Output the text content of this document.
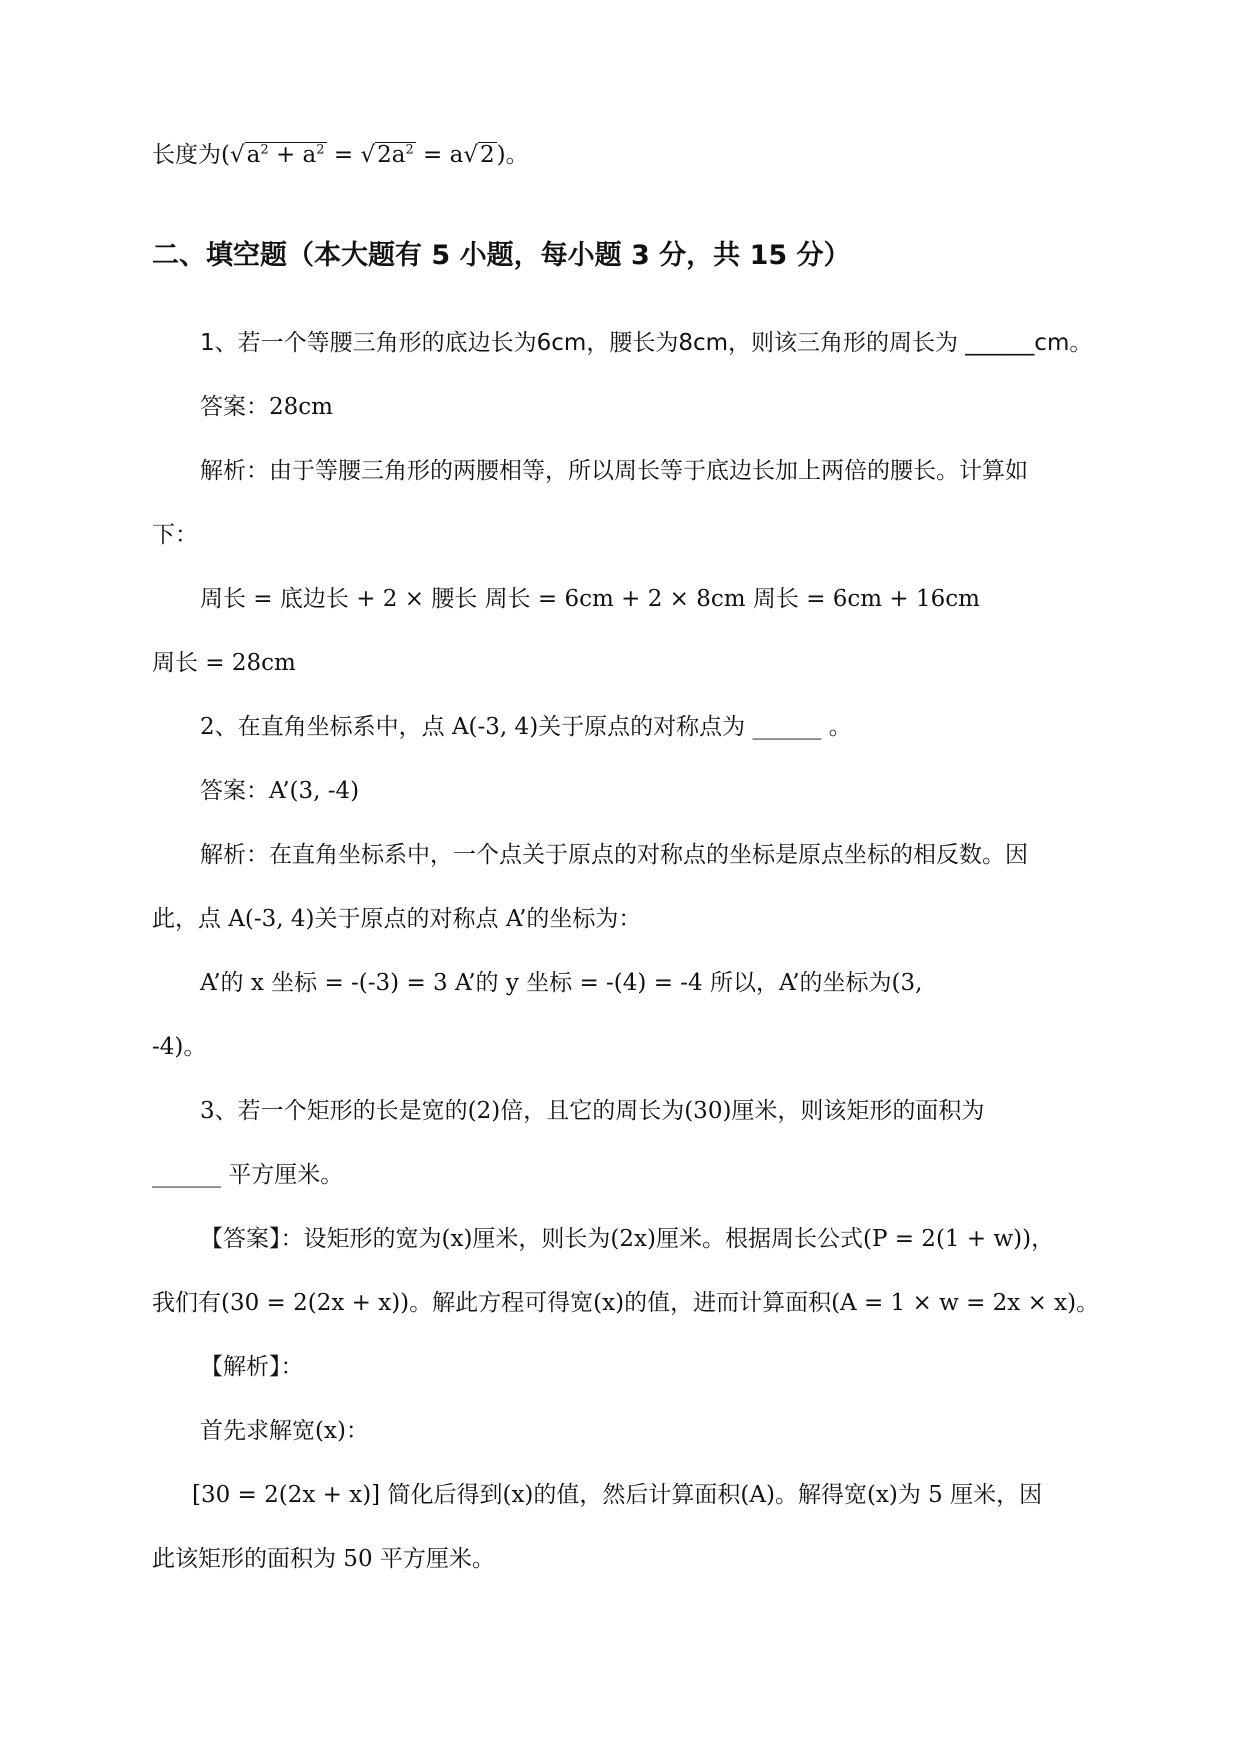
长度为$(√a^2 + a^2 = √2a^2 = a√2)$。
二、填空题（本大题有 5 小题，每小题 3 分，共 15 分）
1、若一个等腰三角形的底边长为6cm，腰长为8cm，则该三角形的周长为 ______cm。
答案：28cm
解析：由于等腰三角形的两腰相等，所以周长等于底边长加上两倍的腰长。计算如
下：
周长 = 底边长 + 2 × 腰长 周长 = 6cm + 2 × 8cm 周长 = 6cm + 16cm
周长 = 28cm
2、在直角坐标系中，点 A(-3, 4)关于原点的对称点为 ______ 。
答案：A’(3, -4)
解析：在直角坐标系中，一个点关于原点的对称点的坐标是原点坐标的相反数。因
此，点 A(-3, 4)关于原点的对称点 A’的坐标为：
A’的 x 坐标 = -(-3) = 3 A’的 y 坐标 = -(4) = -4 所以，A’的坐标为(3,
-4)。
3、若一个矩形的长是宽的(2)倍，且它的周长为(30)厘米，则该矩形的面积为
______ 平方厘米。
【答案】：设矩形的宽为(x)厘米，则长为(2x)厘米。根据周长公式(P = 2(1 + w))，
我们有(30 = 2(2x + x))。解此方程可得宽(x)的值，进而计算面积(A = 1 × w = 2x × x)。
【解析】：
首先求解宽(x)：
[30 = 2(2x + x)] 简化后得到(x)的值，然后计算面积(A)。解得宽(x)为 5 厘米，因
此该矩形的面积为 50 平方厘米。
